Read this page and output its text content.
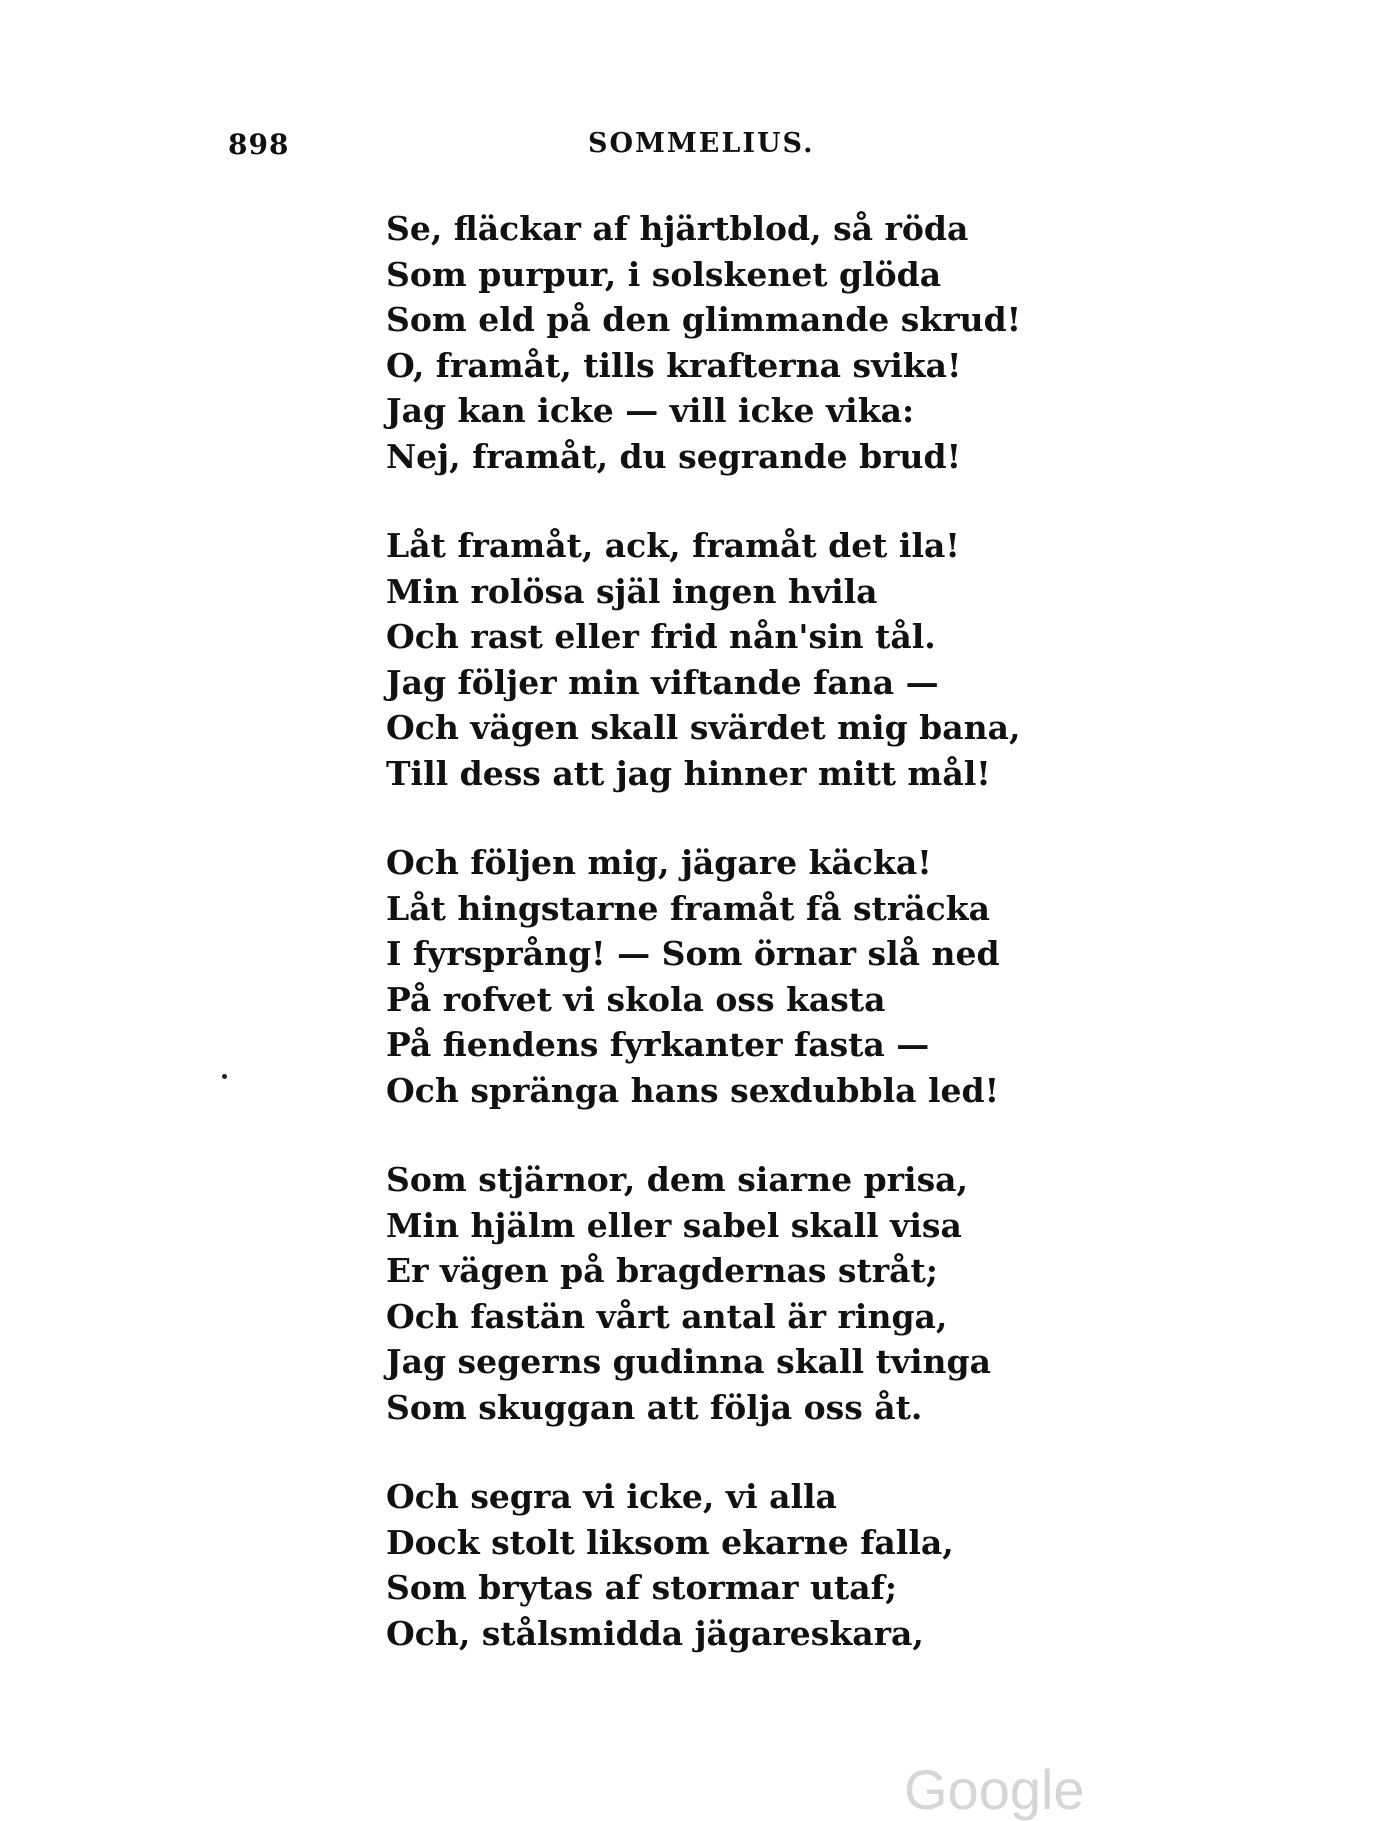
898	SOMMELIUS.
Se, fläckar af hjärtblod, så röda
Som purpur, i solskenet glöda
Som eld på den glimmande skrud!
O, framåt, tills krafterna svika!
Jag kan icke — vill icke vika:
Nej, framåt, du segrande brud!
Låt framåt, ack, framåt det ila!
Min rolösa själ ingen hvila
Och rast eller frid nån'sin tål.
Jag följer min viftande fana —
Och vägen skall svärdet mig bana,
Till dess att jag hinner mitt mål!
Och följen mig, jägare käcka!
Låt hingstarne framåt få sträcka
I fyrsprång! — Som örnar slå ned
På rofvet vi skola oss kasta
På fiendens fyrkanter fasta —
Och spränga hans sexdubbla led!
Som stjärnor, dem siarne prisa,
Min hjälm eller sabel skall visa
Er vägen på bragdernas stråt;
Och fastän vårt antal är ringa,
Jag segerns gudinna skall tvinga
Som skuggan att följa oss åt.
Och segra vi icke, vi alla
Dock stolt liksom ekarne falla,
Som brytas af stormar utaf;
Och, stålsmidda jägareskara,
Google
